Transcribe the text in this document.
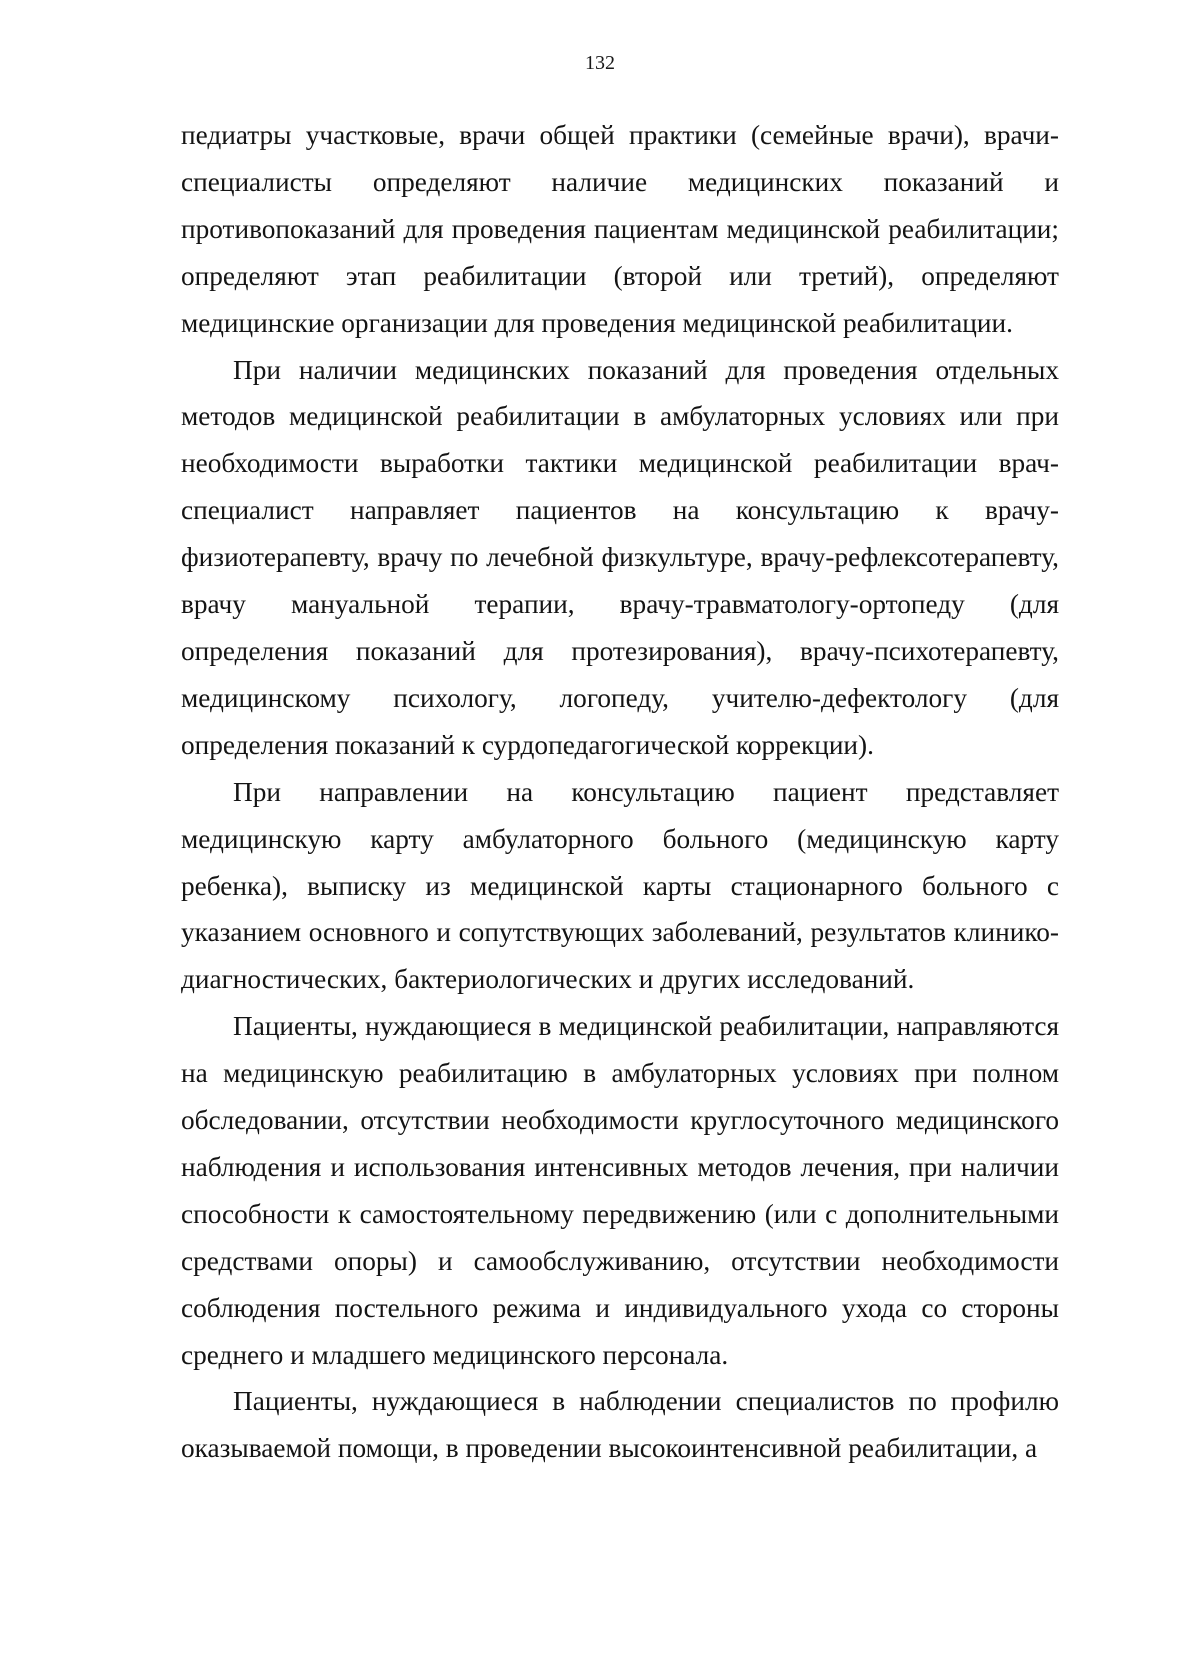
132

педиатры участковые, врачи общей практики (семейные врачи), врачи-специалисты определяют наличие медицинских показаний и противопоказаний для проведения пациентам медицинской реабилитации; определяют этап реабилитации (второй или третий), определяют медицинские организации для проведения медицинской реабилитации.

При наличии медицинских показаний для проведения отдельных методов медицинской реабилитации в амбулаторных условиях или при необходимости выработки тактики медицинской реабилитации врач-специалист направляет пациентов на консультацию к врачу-физиотерапевту, врачу по лечебной физкультуре, врачу-рефлексотерапевту, врачу мануальной терапии, врачу-травматологу-ортопеду (для определения показаний для протезирования), врачу-психотерапевту, медицинскому психологу, логопеду, учителю-дефектологу (для определения показаний к сурдопедагогической коррекции).

При направлении на консультацию пациент представляет медицинскую карту амбулаторного больного (медицинскую карту ребенка), выписку из медицинской карты стационарного больного с указанием основного и сопутствующих заболеваний, результатов клинико-диагностических, бактериологических и других исследований.

Пациенты, нуждающиеся в медицинской реабилитации, направляются на медицинскую реабилитацию в амбулаторных условиях при полном обследовании, отсутствии необходимости круглосуточного медицинского наблюдения и использования интенсивных методов лечения, при наличии способности к самостоятельному передвижению (или с дополнительными средствами опоры) и самообслуживанию, отсутствии необходимости соблюдения постельного режима и индивидуального ухода со стороны среднего и младшего медицинского персонала.

Пациенты, нуждающиеся в наблюдении специалистов по профилю оказываемой помощи, в проведении высокоинтенсивной реабилитации, а
